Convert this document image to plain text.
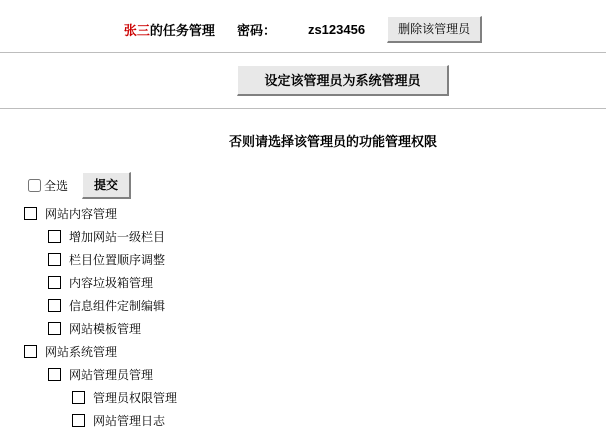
张三的任务管理 密码： zs123456	删除该管理员
设定该管理员为系统管理员
否则请选择该管理员的功能管理权限
全选	提交
网站内容管理
增加网站一级栏目
栏目位置顺序调整
内容垃圾箱管理
信息组件定制编辑
网站模板管理
网站系统管理
网站管理员管理
管理员权限管理
网站管理日志
